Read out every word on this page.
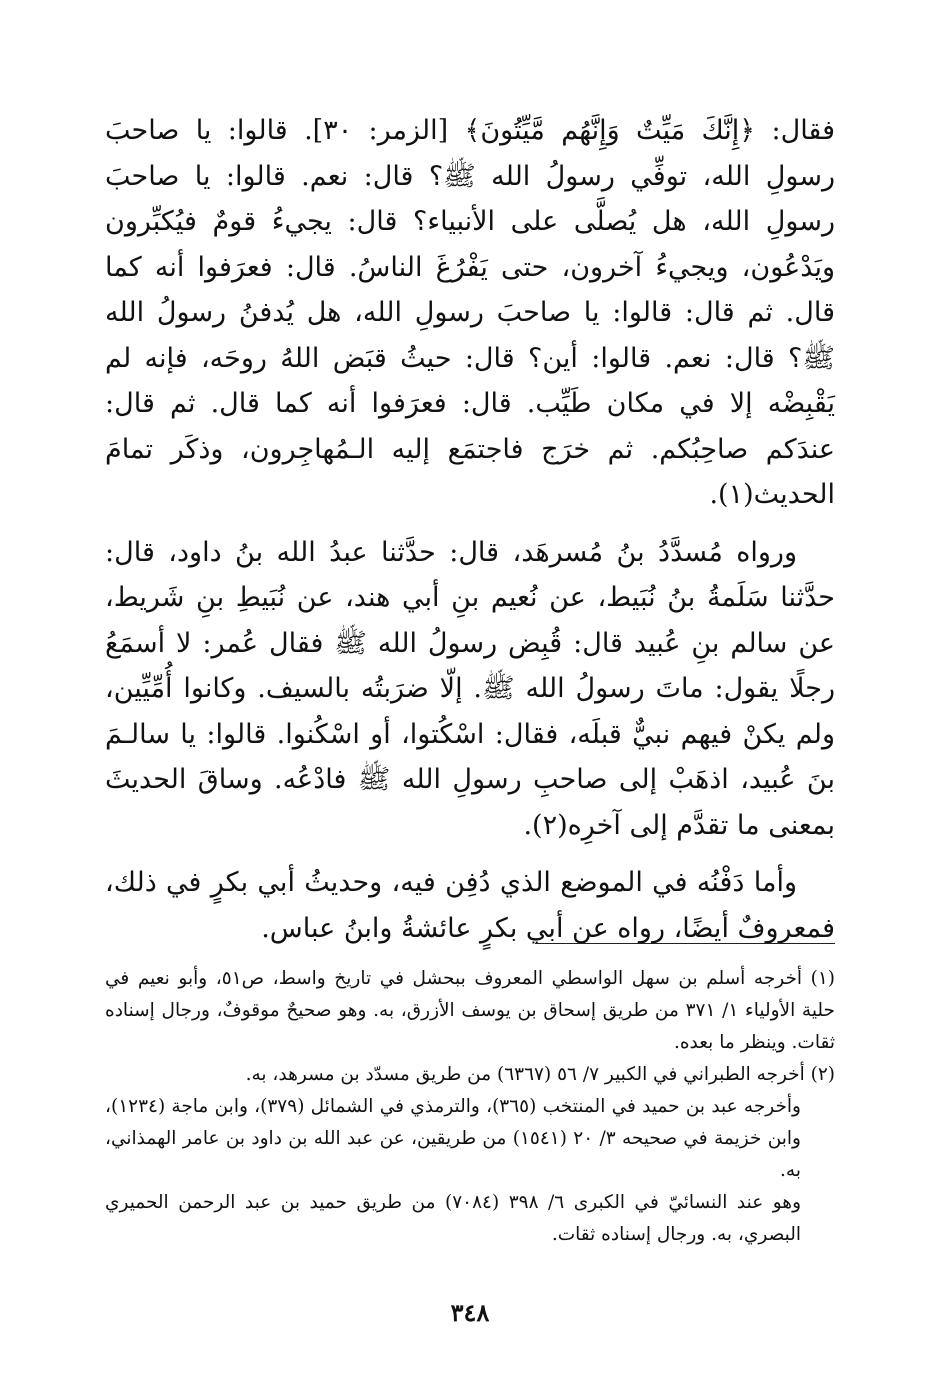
فقال: ﴿إِنَّكَ مَيِّتٌ وَإِنَّهُم مَّيِّتُونَ﴾ [الزمر: ٣٠]. قالوا: يا صاحبَ رسولِ الله، توفِّي رسولُ الله ﷺ؟ قال: نعم. قالوا: يا صاحبَ رسولِ الله، هل يُصلَّى على الأنبياء؟ قال: يجيءُ قومٌ فيُكبِّرون ويَدْعُون، ويجيءُ آخرون، حتى يَفْرُغَ الناسُ. قال: فعرَفوا أنه كما قال. ثم قال: قالوا: يا صاحبَ رسولِ الله، هل يُدفنُ رسولُ الله ﷺ؟ قال: نعم. قالوا: أين؟ قال: حيثُ قبَض اللهُ روحَه، فإنه لم يَقْبِضْه إلا في مكان طَيِّب. قال: فعرَفوا أنه كما قال. ثم قال: عندَكم صاحِبُكم. ثم خرَج فاجتمَع إليه الـمُهاجِرون، وذكَر تمامَ الحديث(١).

ورواه مُسدَّدُ بنُ مُسرهَد، قال: حدَّثنا عبدُ الله بنُ داود، قال: حدَّثنا سَلَمةُ بنُ نُبَيط، عن نُعيم بنِ أبي هند، عن نُبَيطِ بنِ شَريط، عن سالم بنِ عُبيد قال: قُبِض رسولُ الله ﷺ فقال عُمر: لا أسمَعُ رجلًا يقول: ماتَ رسولُ الله ﷺ. إلّا ضرَبتُه بالسيف. وكانوا أُمِّيِّين، ولم يكنْ فيهم نبيٌّ قبلَه، فقال: اسْكُتوا، أو اسْكُنوا. قالوا: يا سالـمَ بنَ عُبيد، اذهَبْ إلى صاحبِ رسولِ الله ﷺ فادْعُه. وساقَ الحديثَ بمعنى ما تقدَّم إلى آخرِه(٢).

وأما دَفْنُه في الموضع الذي دُفِن فيه، وحديثُ أبي بكرٍ في ذلك، فمعروفٌ أيضًا، رواه عن أبي بكرٍ عائشةُ وابنُ عباس.

(١) أخرجه أسلم بن سهل الواسطي المعروف ببحشل في تاريخ واسط، ص٥١، وأبو نعيم في حلية الأولياء ١/ ٣٧١ من طريق إسحاق بن يوسف الأزرق، به. وهو صحيحٌ موقوفٌ، ورجال إسناده ثقات. وينظر ما بعده.

(٢) أخرجه الطبراني في الكبير ٧/ ٥٦ (٦٣٦٧) من طريق مسدّد بن مسرهد، به.

وأخرجه عبد بن حميد في المنتخب (٣٦٥)، والترمذي في الشمائل (٣٧٩)، وابن ماجة (١٢٣٤)، وابن خزيمة في صحيحه ٣/ ٢٠ (١٥٤١) من طريقين، عن عبد الله بن داود بن عامر الهمذاني، به.

وهو عند النسائيّ في الكبرى ٦/ ٣٩٨ (٧٠٨٤) من طريق حميد بن عبد الرحمن الحميري البصري، به. ورجال إسناده ثقات.

٣٤٨
